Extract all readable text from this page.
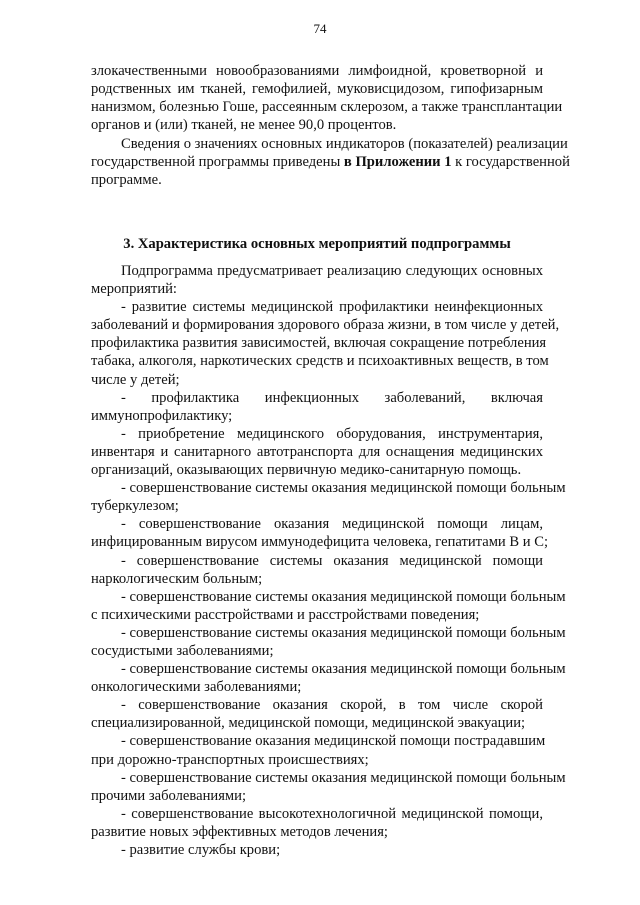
74
злокачественными новообразованиями лимфоидной, кроветворной и
родственных им тканей, гемофилией, муковисцидозом, гипофизарным
нанизмом, болезнью Гоше, рассеянным склерозом, а также трансплантации
органов и (или) тканей, не менее 90,0 процентов.
Сведения о значениях основных индикаторов (показателей) реализации
государственной программы приведены в Приложении 1 к государственной
программе.
3. Характеристика основных мероприятий подпрограммы
Подпрограмма предусматривает реализацию следующих основных
мероприятий:
- развитие системы медицинской профилактики неинфекционных
заболеваний и формирования здорового образа жизни, в том числе у детей,
профилактика развития зависимостей, включая сокращение потребления
табака, алкоголя, наркотических средств и психоактивных веществ, в том
числе у детей;
- профилактика инфекционных заболеваний, включая
иммунопрофилактику;
- приобретение медицинского оборудования, инструментария,
инвентаря и санитарного автотранспорта для оснащения медицинских
организаций, оказывающих первичную медико-санитарную помощь.
- совершенствование системы оказания медицинской помощи больным
туберкулезом;
- совершенствование оказания медицинской помощи лицам,
инфицированным вирусом иммунодефицита человека, гепатитами В и С;
- совершенствование системы оказания медицинской помощи
наркологическим больным;
- совершенствование системы оказания медицинской помощи больным
с психическими расстройствами и расстройствами поведения;
- совершенствование системы оказания медицинской помощи больным
сосудистыми заболеваниями;
- совершенствование системы оказания медицинской помощи больным
онкологическими заболеваниями;
- совершенствование оказания скорой, в том числе скорой
специализированной, медицинской помощи, медицинской эвакуации;
- совершенствование оказания медицинской помощи пострадавшим
при дорожно-транспортных происшествиях;
- совершенствование системы оказания медицинской помощи больным
прочими заболеваниями;
- совершенствование высокотехнологичной медицинской помощи,
развитие новых эффективных методов лечения;
- развитие службы крови;
